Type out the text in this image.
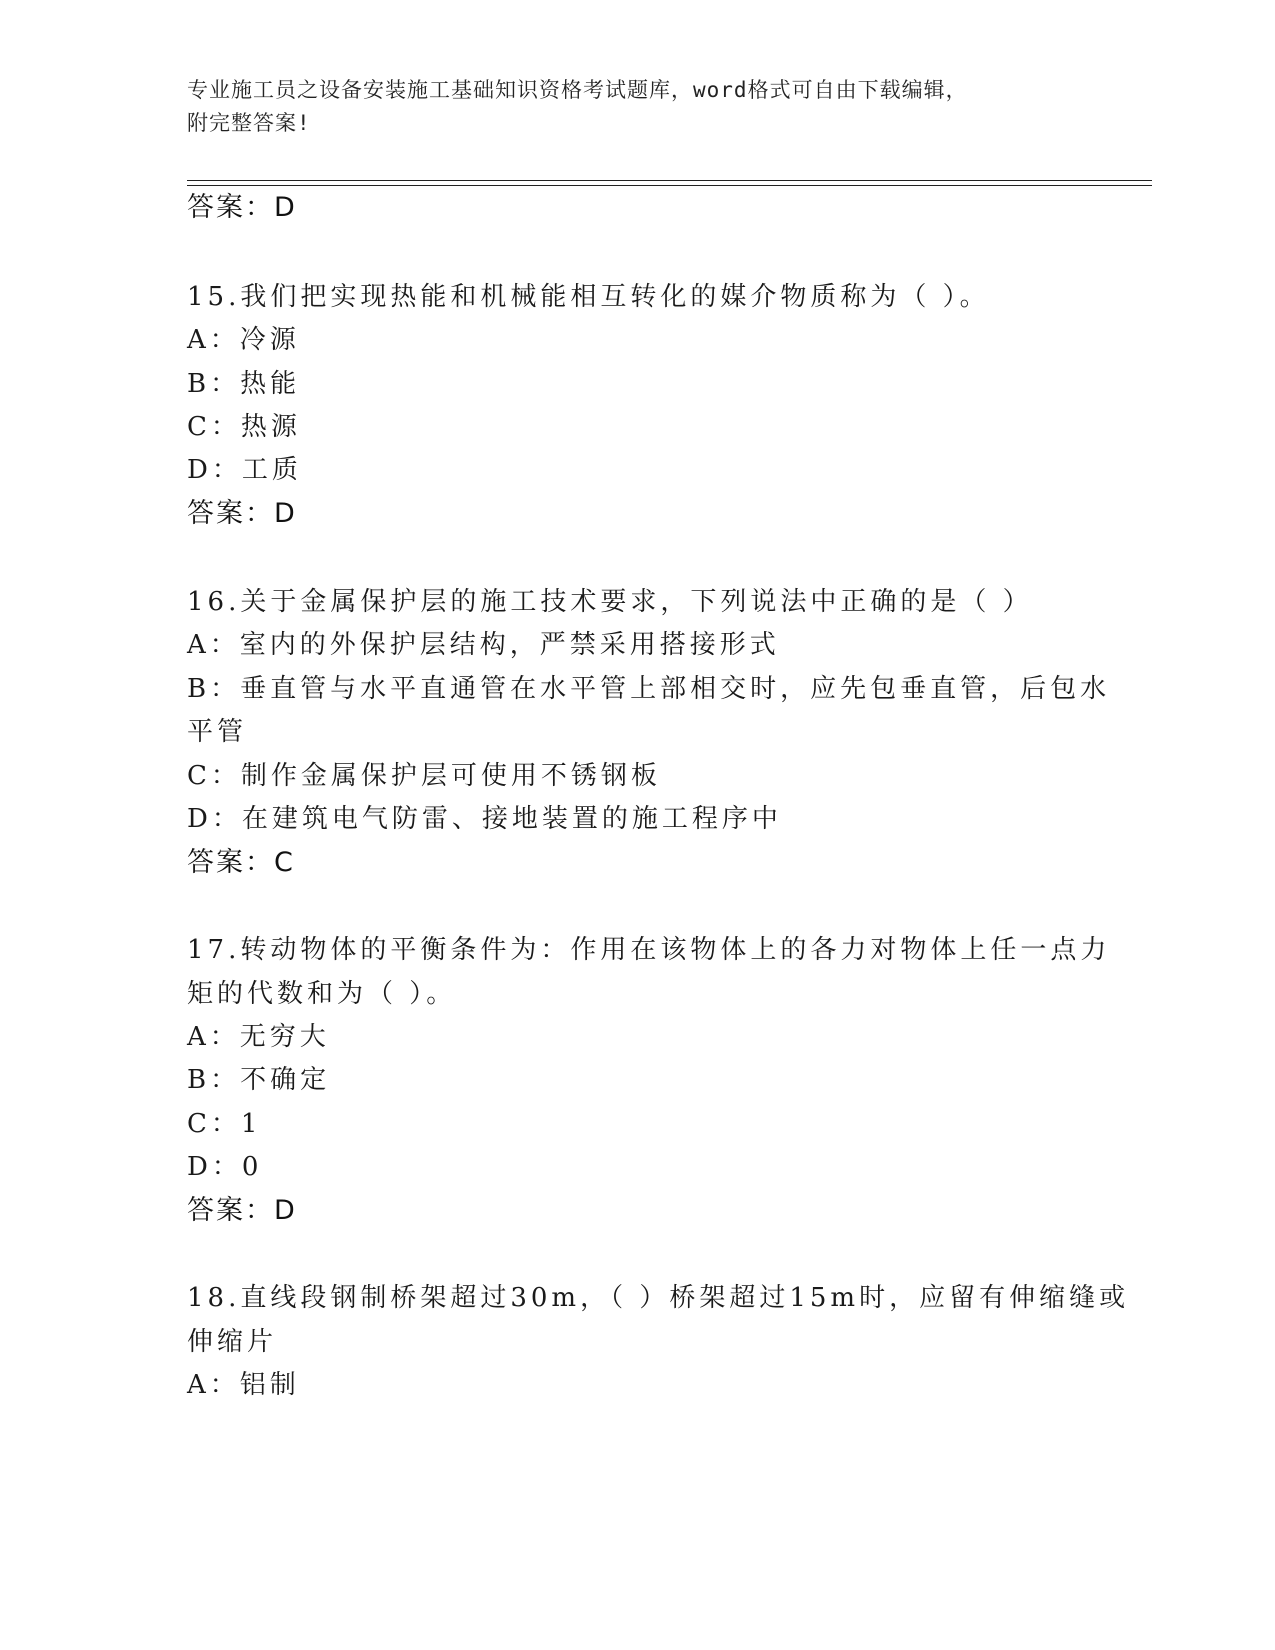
专业施工员之设备安装施工基础知识资格考试题库，word格式可自由下载编辑，
附完整答案!
答案：D
15.我们把实现热能和机械能相互转化的媒介物质称为（ ）。
A：冷源
B：热能
C：热源
D：工质
答案：D
16.关于金属保护层的施工技术要求，下列说法中正确的是（ ）
A：室内的外保护层结构，严禁采用搭接形式
B：垂直管与水平直通管在水平管上部相交时，应先包垂直管，后包水
平管
C：制作金属保护层可使用不锈钢板
D：在建筑电气防雷、接地装置的施工程序中
答案：C
17.转动物体的平衡条件为：作用在该物体上的各力对物体上任一点力
矩的代数和为（ ）。
A：无穷大
B：不确定
C：1
D：0
答案：D
18.直线段钢制桥架超过30m，（ ）桥架超过15m时，应留有伸缩缝或
伸缩片
A：铝制
